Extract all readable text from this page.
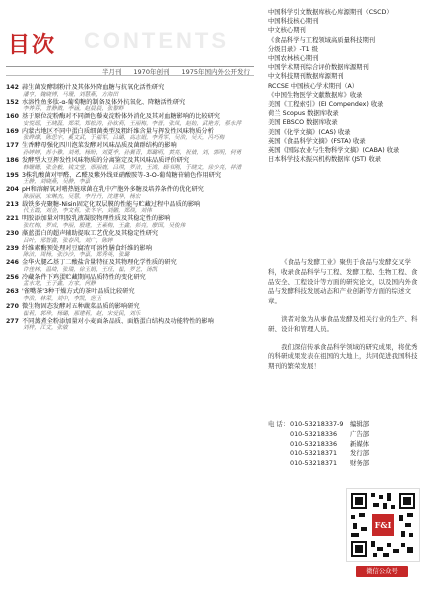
目次 CONTENTS
半月刊 1970年创刊 1975年国内外公开发行
142 蒜生菌发酵制粉汁及其体外降血糖与抗氧化活性研究
潘亨，魏晓博，马珊，刘慧燕，方海田
152 水溶性鱼多肽-α-葡萄糖的制备及体外抗氧化、降糖活性研究
李养芬，普静微，季涵，赵晨晨，张黎畔
160 基于原位淀粉酶对不同颜色藜麦淀粉体外消化及其对血糖影响的比较研究
安悦瑶，王晓磊，郑荣，郑松涛，孙钦莉，王丽梅，李晋，张凤，赵妨，武艳芳，蔡永萍
169 内蒙古地区不同中蛋白质细菌类型及粗纤维含量与挥发性风味物质分析
张晔璨，陈思宇，奚文武，于福军，吕璐，高志娟，李秀军，吴浩，吴天，冯巧梅
177 生香酵母强化四川泡菜发酵对风味品质及菌群结构的影响
孙婷婷，苏小雅，刘勇，杨盼，刘夏季，孙翼青，郑璐明，黄亮，祝倩，刘，郭明，何勇
186 发酵型大豆挥发性风味物质的分离鉴定及其风味品质评价研究
韩姗姗，张金毅，钱文莹，邢丽鹿，吕琪，罗洁，王鸿，顾书刚，于晓文，徐少亮，祥清
195 3株乳酸菌对甲醛、乙醛及紫外线亚硝酸胺等-3-O-葡萄糖苷辅色作用研究
王静，刘晓燕，吴静，李嘉
204 pH和溶解氧对嗜热链球菌在乳中产胞外多糖及培养条件的优化研究
陈丽丽，宋琳杰，吴慧，李丹丹，沈建华，杨宏
213 载铁多壳聚糖-Nisin固定化双层膜的性能与贮藏过程中品质的影响
代玉霞，刘金，李文莉，张冬宇，刘鹏，郑琰，刘伟
221 明胶添加量对明胶乳液凝胶物理性质及其稳定性的影响
张红梅，罗成，李丽，殷建，王素梅，王鑫，彭亮，廖国，吴俊伟
230 藻蓝蛋白的超声辅助提取工艺优化及其稳定性研究
吕叶，邢智鑫，张春风，刘广，陈婷
239 纤维素酶预处理对豆腐渣可溶性膳食纤维的影响
陈洁，周杨，张沙沙，李嘉，郑秀英，张璐
246 金华火腿乙基丁二酸盐含量特征及其物理化学性质的研究
许佳林，温绮，张瑞，徐玉娟，王珏，崔，罗艺，汤凯
256 冷藏条件下鸡蛋贮藏期间品质特性的变化研究
孟水龙，王子鑫，方家，何静
263 '雀嘴茶'3种干燥方式的茶叶品质比较研究
李浩，林荣，刘中，李凯，范玉
270 微生物固态发酵对五种蔬菜品质的影响研究
崔莉，郭珍，杨璐，那建莉，赵，宋爱民，刘乐
277 不同蒸煮全粉添加量对小麦面条品质、面筋蛋白结构及功能特性的影响
刘梓，江文，张敏
中国科学引文数据库核心库源期刊（CSCD）
中国科技核心期刊
中文核心期刊
《食品科学与工程领域高质量科技期刊
分级目录》-T1 级
中国农林核心期刊
中国学术期刊综合评价数据库源期刊
中文科技期刊数据库源期刊
RCCSE 中国核心学术期刊（A）
《中国生物医学文献数据库》收录
美国《工程索引》(EI Compendex) 收录
荷兰 Scopus 数据库收录
美国 EBSCO 数据库收录
美国《化学文摘》(CAS) 收录
英国《食品科学文摘》(FSTA) 收录
英国《国际农业与生物科学文摘》(CABA) 收录
日本科学技术振兴机构数据库 (JST) 收录

《食品与发酵工业》聚焦于食品与发酵交叉学科，收录食品科学与工程、发酵工程、生物工程、食品安全、工程设计等方面的研究论文，以及国内外食品与发酵科技发展动态和产业创新等方面的综述文章。

读者对象为从事食品发酵及相关行业的生产、科研、设计和管理人员。

我们深信传承食品科学领域的研究成果，将优秀的科研成果发表在祖国的大地上，共同促进我国科技期刊的繁荣发展！

电 话： 010-53218337-9	编辑部
010-53218336	广告部
010-53218336	新媒体
010-53218371	发行部
010-53218371	财务部
F&I
微信公众号
